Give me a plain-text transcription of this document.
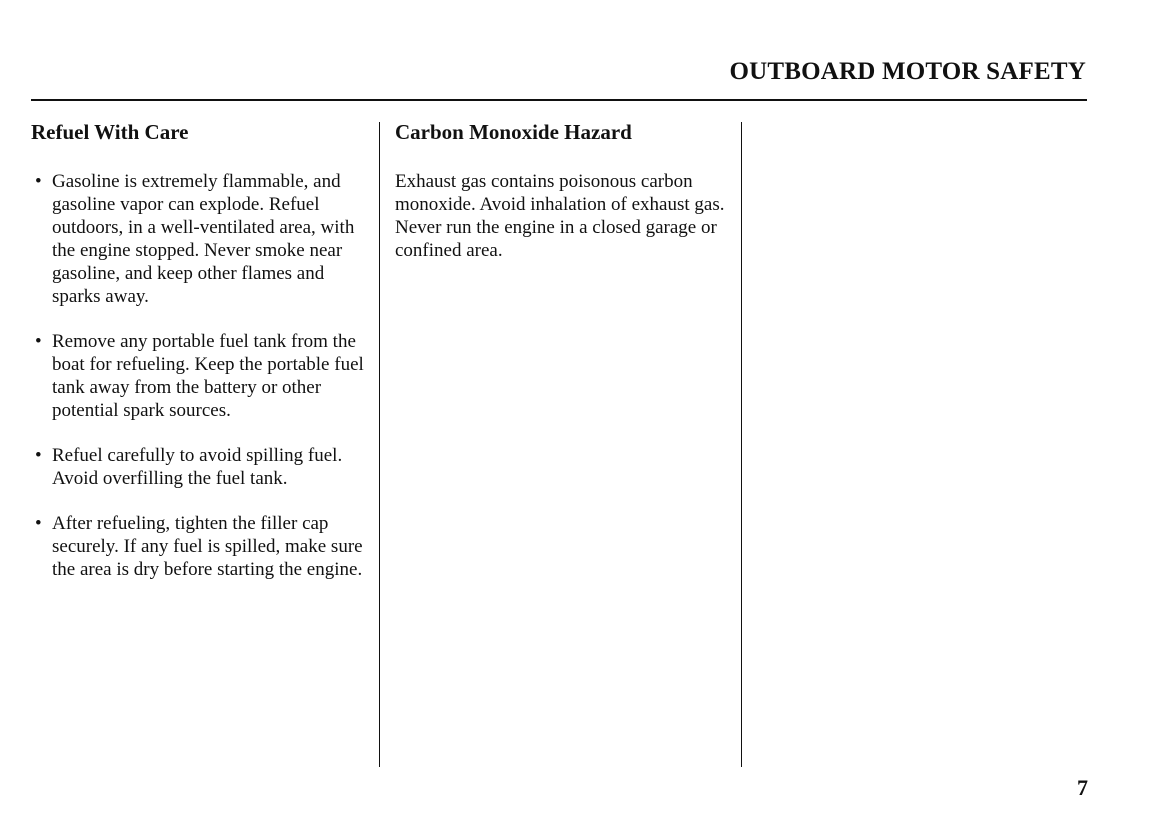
OUTBOARD MOTOR SAFETY
Refuel With Care
• Gasoline is extremely flammable, and gasoline vapor can explode. Refuel outdoors, in a well-ventilated area, with the engine stopped. Never smoke near gasoline, and keep other flames and sparks away.
• Remove any portable fuel tank from the boat for refueling. Keep the portable fuel tank away from the battery or other potential spark sources.
• Refuel carefully to avoid spilling fuel. Avoid overfilling the fuel tank.
• After refueling, tighten the filler cap securely. If any fuel is spilled, make sure the area is dry before starting the engine.
Carbon Monoxide Hazard

Exhaust gas contains poisonous carbon monoxide. Avoid inhalation of exhaust gas. Never run the engine in a closed garage or confined area.

7
